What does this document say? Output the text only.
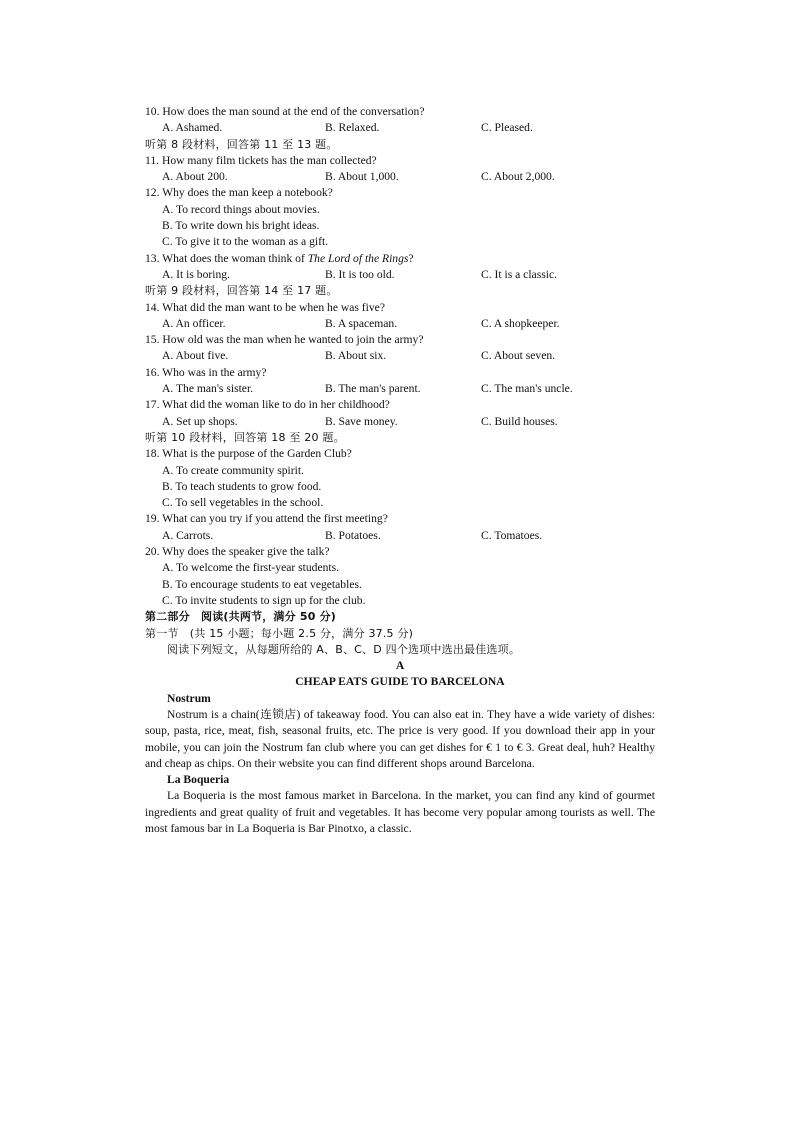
10. How does the man sound at the end of the conversation?
A. Ashamed.	B. Relaxed.	C. Pleased.
听第 8 段材料，回答第 11 至 13 题。
11. How many film tickets has the man collected?
A. About 200.	B. About 1,000.	C. About 2,000.
12. Why does the man keep a notebook?
A. To record things about movies.
B. To write down his bright ideas.
C. To give it to the woman as a gift.
13. What does the woman think of The Lord of the Rings?
A. It is boring.	B. It is too old.	C. It is a classic.
听第 9 段材料，回答第 14 至 17 题。
14. What did the man want to be when he was five?
A. An officer.	B. A spaceman.	C. A shopkeeper.
15. How old was the man when he wanted to join the army?
A. About five.	B. About six.	C. About seven.
16. Who was in the army?
A. The man's sister.	B. The man's parent.	C. The man's uncle.
17. What did the woman like to do in her childhood?
A. Set up shops.	B. Save money.	C. Build houses.
听第 10 段材料，回答第 18 至 20 题。
18. What is the purpose of the Garden Club?
A. To create community spirit.
B. To teach students to grow food.
C. To sell vegetables in the school.
19. What can you try if you attend the first meeting?
A. Carrots.	B. Potatoes.	C. Tomatoes.
20. Why does the speaker give the talk?
A. To welcome the first-year students.
B. To encourage students to eat vegetables.
C. To invite students to sign up for the club.
第二部分　阅读(共两节，满分 50 分)
第一节　(共 15 小题；每小题 2.5 分，满分 37.5 分)
阅读下列短文，从每题所给的 A、B、C、D 四个选项中选出最佳选项。
A
CHEAP EATS GUIDE TO BARCELONA
Nostrum
Nostrum is a chain(连锁店) of takeaway food. You can also eat in. They have a wide variety of dishes: soup, pasta, rice, meat, fish, seasonal fruits, etc. The price is very good. If you download their app in your mobile, you can join the Nostrum fan club where you can get dishes for € 1 to € 3. Great deal, huh? Healthy and cheap as chips. On their website you can find different shops around Barcelona.
La Boqueria
La Boqueria is the most famous market in Barcelona. In the market, you can find any kind of gourmet ingredients and great quality of fruit and vegetables. It has become very popular among tourists as well. The most famous bar in La Boqueria is Bar Pinotxo, a classic.
